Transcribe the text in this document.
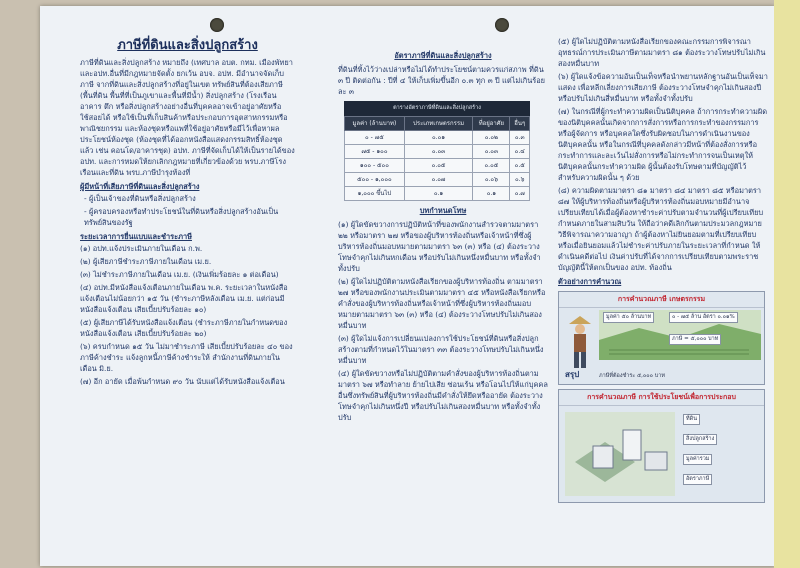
ภาษีที่ดินและสิ่งปลูกสร้าง

ภาษีที่ดินและสิ่งปลูกสร้าง หมายถึง (เทศบาล อบต. กทม. เมืองพัทยา และอปท.อื่นที่มีกฎหมายจัดตั้ง ยกเว้น อบจ. อปท. มีอำนาจจัดเก็บภาษี จากที่ดินและสิ่งปลูกสร้างที่อยู่ในเขต ทรัพย์สินที่ต้องเสียภาษี (พื้นที่ดิน พื้นที่ที่เป็นภูเขาและพื้นที่มีน้ำ) สิ่งปลูกสร้าง (โรงเรือน อาคาร ตึก หรือสิ่งปลูกสร้างอย่างอื่นที่บุคคลอาจเข้าอยู่อาศัยหรือใช้สอยได้ หรือใช้เป็นที่เก็บสินค้าหรือประกอบการอุตสาหกรรมหรือพาณิชยกรรม และห้องชุดหรือแพที่ใช้อยู่อาศัยหรือมีไว้เพื่อหาผลประโยชน์ห้องชุด (ห้องชุดที่ได้ออกหนังสือแสดงกรรมสิทธิ์ห้องชุดแล้ว เช่น คอนโด/อาคารชุด) อปท. ภาษีที่จัดเก็บได้ให้เป็นรายได้ของ อปท. และการหมดให้ยกเลิกกฎหมายที่เกี่ยวข้องด้วย พรบ.ภาษีโรงเรือนและที่ดิน พรบ.ภาษีบำรุงท้องที่

ผู้มีหน้าที่เสียภาษีที่ดินและสิ่งปลูกสร้าง

- ผู้เป็นเจ้าของที่ดินหรือสิ่งปลูกสร้าง

- ผู้ครอบครองหรือทำประโยชน์ในที่ดินหรือสิ่งปลูกสร้างอันเป็นทรัพย์สินของรัฐ

ระยะเวลาการยื่นแบบและชำระภาษี

(๑) อปท.แจ้งประเมินภายในเดือน ก.พ.

(๒) ผู้เสียภาษีชำระภาษีภายในเดือน เม.ย.

(๓) ไม่ชำระภาษีภายในเดือน เม.ย. (เงินเพิ่มร้อยละ ๑ ต่อเดือน)

(๔) อปท.มีหนังสือแจ้งเตือนภายในเดือน พ.ค. ระยะเวลาในหนังสือแจ้งเตือนไม่น้อยกว่า ๑๕ วัน (ชำระภาษีหลังเดือน เม.ย. แต่ก่อนมีหนังสือแจ้งเตือน เสียเบี้ยปรับร้อยละ ๑๐)

(๕) ผู้เสียภาษีได้รับหนังสือแจ้งเตือน (ชำระภาษีภายในกำหนดของ หนังสือแจ้งเตือน เสียเบี้ยปรับร้อยละ ๒๐)

(๖) ครบกำหนด ๑๕ วัน ไม่มาชำระภาษี เสียเบี้ยปรับร้อยละ ๔๐ ของภาษีค้างชำระ แจ้งลูกหนี้ภาษีค้างชำระให้ สำนักงานที่ดินภายในเดือน มิ.ย.

(๗) อีก อายัด เมื่อพ้นกำหนด ๙๐ วัน นับแต่ได้รับหนังสือแจ้งเตือน

อัตราภาษีที่ดินและสิ่งปลูกสร้าง

ที่ดินที่ทิ้งไว้ว่างเปล่าหรือไม่ได้ทำประโยชน์ตามควรแก่สภาพ ที่ดิน ๓ ปี ติดต่อกัน : ปีที่ ๔ ให้เก็บเพิ่มขึ้นอีก ๐.๓ ทุก ๓ ปี แต่ไม่เกินร้อยละ ๓

ตารางอัตราภาษีที่ดินและสิ่งปลูกสร้าง
มูลค่า (ล้านบาท)	ประเภทเกษตรกรรม	ที่อยู่อาศัย	อื่นๆ
๐ - ๗๕	๐.๐๑	๐.๐๒	๐.๓
๗๕ - ๑๐๐	๐.๐๓	๐.๐๓	๐.๔
๑๐๐ - ๕๐๐	๐.๐๕	๐.๐๕	๐.๕
๕๐๐ - ๑,๐๐๐	๐.๐๗	๐.๐๖	๐.๖
๑,๐๐๐ ขึ้นไป	๐.๑	๐.๑	๐.๗
บทกำหนดโทษ

(๑) ผู้ใดขัดขวางการปฏิบัติหน้าที่ของพนักงานสำรวจตามมาตรา ๒๒ หรือมาตรา ๒๗ หรือของผู้บริหารท้องถิ่นหรือเจ้าหน้าที่ซึ่งผู้บริหารท้องถิ่นมอบหมายตามมาตรา ๖๓ (๓) หรือ (๔) ต้องระวางโทษจำคุกไม่เกินหกเดือน หรือปรับไม่เกินหนึ่งหมื่นบาท หรือทั้งจำทั้งปรับ

(๒) ผู้ใดไม่ปฏิบัติตามหนังสือเรียกของผู้บริหารท้องถิ่น ตามมาตรา ๒๗ หรือของพนักงานประเมินตามมาตรา ๔๕ หรือหนังสือเรียกหรือคำสั่งของผู้บริหารท้องถิ่นหรือเจ้าหน้าที่ซึ่งผู้บริหารท้องถิ่นมอบหมายตามมาตรา ๖๓ (๓) หรือ (๔) ต้องระวางโทษปรับไม่เกินสองหมื่นบาท

(๓) ผู้ใดไม่แจ้งการเปลี่ยนแปลงการใช้ประโยชน์ที่ดินหรือสิ่งปลูกสร้างตามที่กำหนดไว้ในมาตรา ๓๓ ต้องระวางโทษปรับไม่เกินหนึ่งหมื่นบาท

(๔) ผู้ใดขัดขวางหรือไม่ปฏิบัติตามคำสั่งของผู้บริหารท้องถิ่นตามมาตรา ๖๗ หรือทำลาย ย้ายไปเสีย ซ่อนเร้น หรือโอนไปให้แก่บุคคลอื่นซึ่งทรัพย์สินที่ผู้บริหารท้องถิ่นมีคำสั่งให้ยึดหรืออายัด ต้องระวางโทษจำคุกไม่เกินหนึ่งปี หรือปรับไม่เกินสองหมื่นบาท หรือทั้งจำทั้งปรับ

(๕) ผู้ใดไม่ปฏิบัติตามหนังสือเรียกของคณะกรรมการพิจารณาอุทธรณ์การประเมินภาษีตามมาตรา ๘๑ ต้องระวางโทษปรับไม่เกินสองหมื่นบาท

(๖) ผู้ใดแจ้งข้อความอันเป็นเท็จหรือนำพยานหลักฐานอันเป็นเท็จมาแสดง เพื่อหลีกเลี่ยงการเสียภาษี ต้องระวางโทษจำคุกไม่เกินสองปี หรือปรับไม่เกินสี่หมื่นบาท หรือทั้งจำทั้งปรับ

(๗) ในกรณีที่ผู้กระทำความผิดเป็นนิติบุคคล ถ้าการกระทำความผิดของนิติบุคคลนั้นเกิดจากการสั่งการหรือการกระทำของกรรมการ หรือผู้จัดการ หรือบุคคลใดซึ่งรับผิดชอบในการดำเนินงานของนิติบุคคลนั้น หรือในกรณีที่บุคคลดังกล่าวมีหน้าที่ต้องสั่งการหรือกระทำการและละเว้นไม่สั่งการหรือไม่กระทำการจนเป็นเหตุให้นิติบุคคลนั้นกระทำความผิด ผู้นั้นต้องรับโทษตามที่บัญญัติไว้สำหรับความผิดนั้น ๆ ด้วย

(๘) ความผิดตามมาตรา ๘๑ มาตรา ๘๔ มาตรา ๘๕ หรือมาตรา ๘๗ ให้ผู้บริหารท้องถิ่นหรือผู้บริหารท้องถิ่นมอบหมายมีอำนาจเปรียบเทียบได้เมื่อผู้ต้องหาชำระค่าปรับตามจำนวนที่ผู้เปรียบเทียบกำหนดภายในสามสิบวัน ให้ถือว่าคดีเลิกกันตามประมวลกฎหมายวิธีพิจารณาความอาญา ถ้าผู้ต้องหาไม่ยินยอมตามที่เปรียบเทียบ หรือเมื่อยินยอมแล้วไม่ชำระค่าปรับภายในระยะเวลาที่กำหนด ให้ดำเนินคดีต่อไป เงินค่าปรับที่ได้จากการเปรียบเทียบตามพระราชบัญญัตินี้ให้ตกเป็นของ อปท. ท้องถิ่น

ตัวอย่างการคำนวณ
การคำนวณภาษี เกษตรกรรม
มูลค่า ๕๐ ล้านบาท	๐ - ๗๕ ล้าน อัตรา ๐.๐๑%
ภาษี = ๕,๐๐๐ บาท
สรุป	ภาษีที่ต้องชำระ ๕,๐๐๐ บาท
การคำนวณภาษี การใช้ประโยชน์เพื่อการประกอบ
ที่ดิน
สิ่งปลูกสร้าง
มูลค่ารวม
อัตราภาษี
